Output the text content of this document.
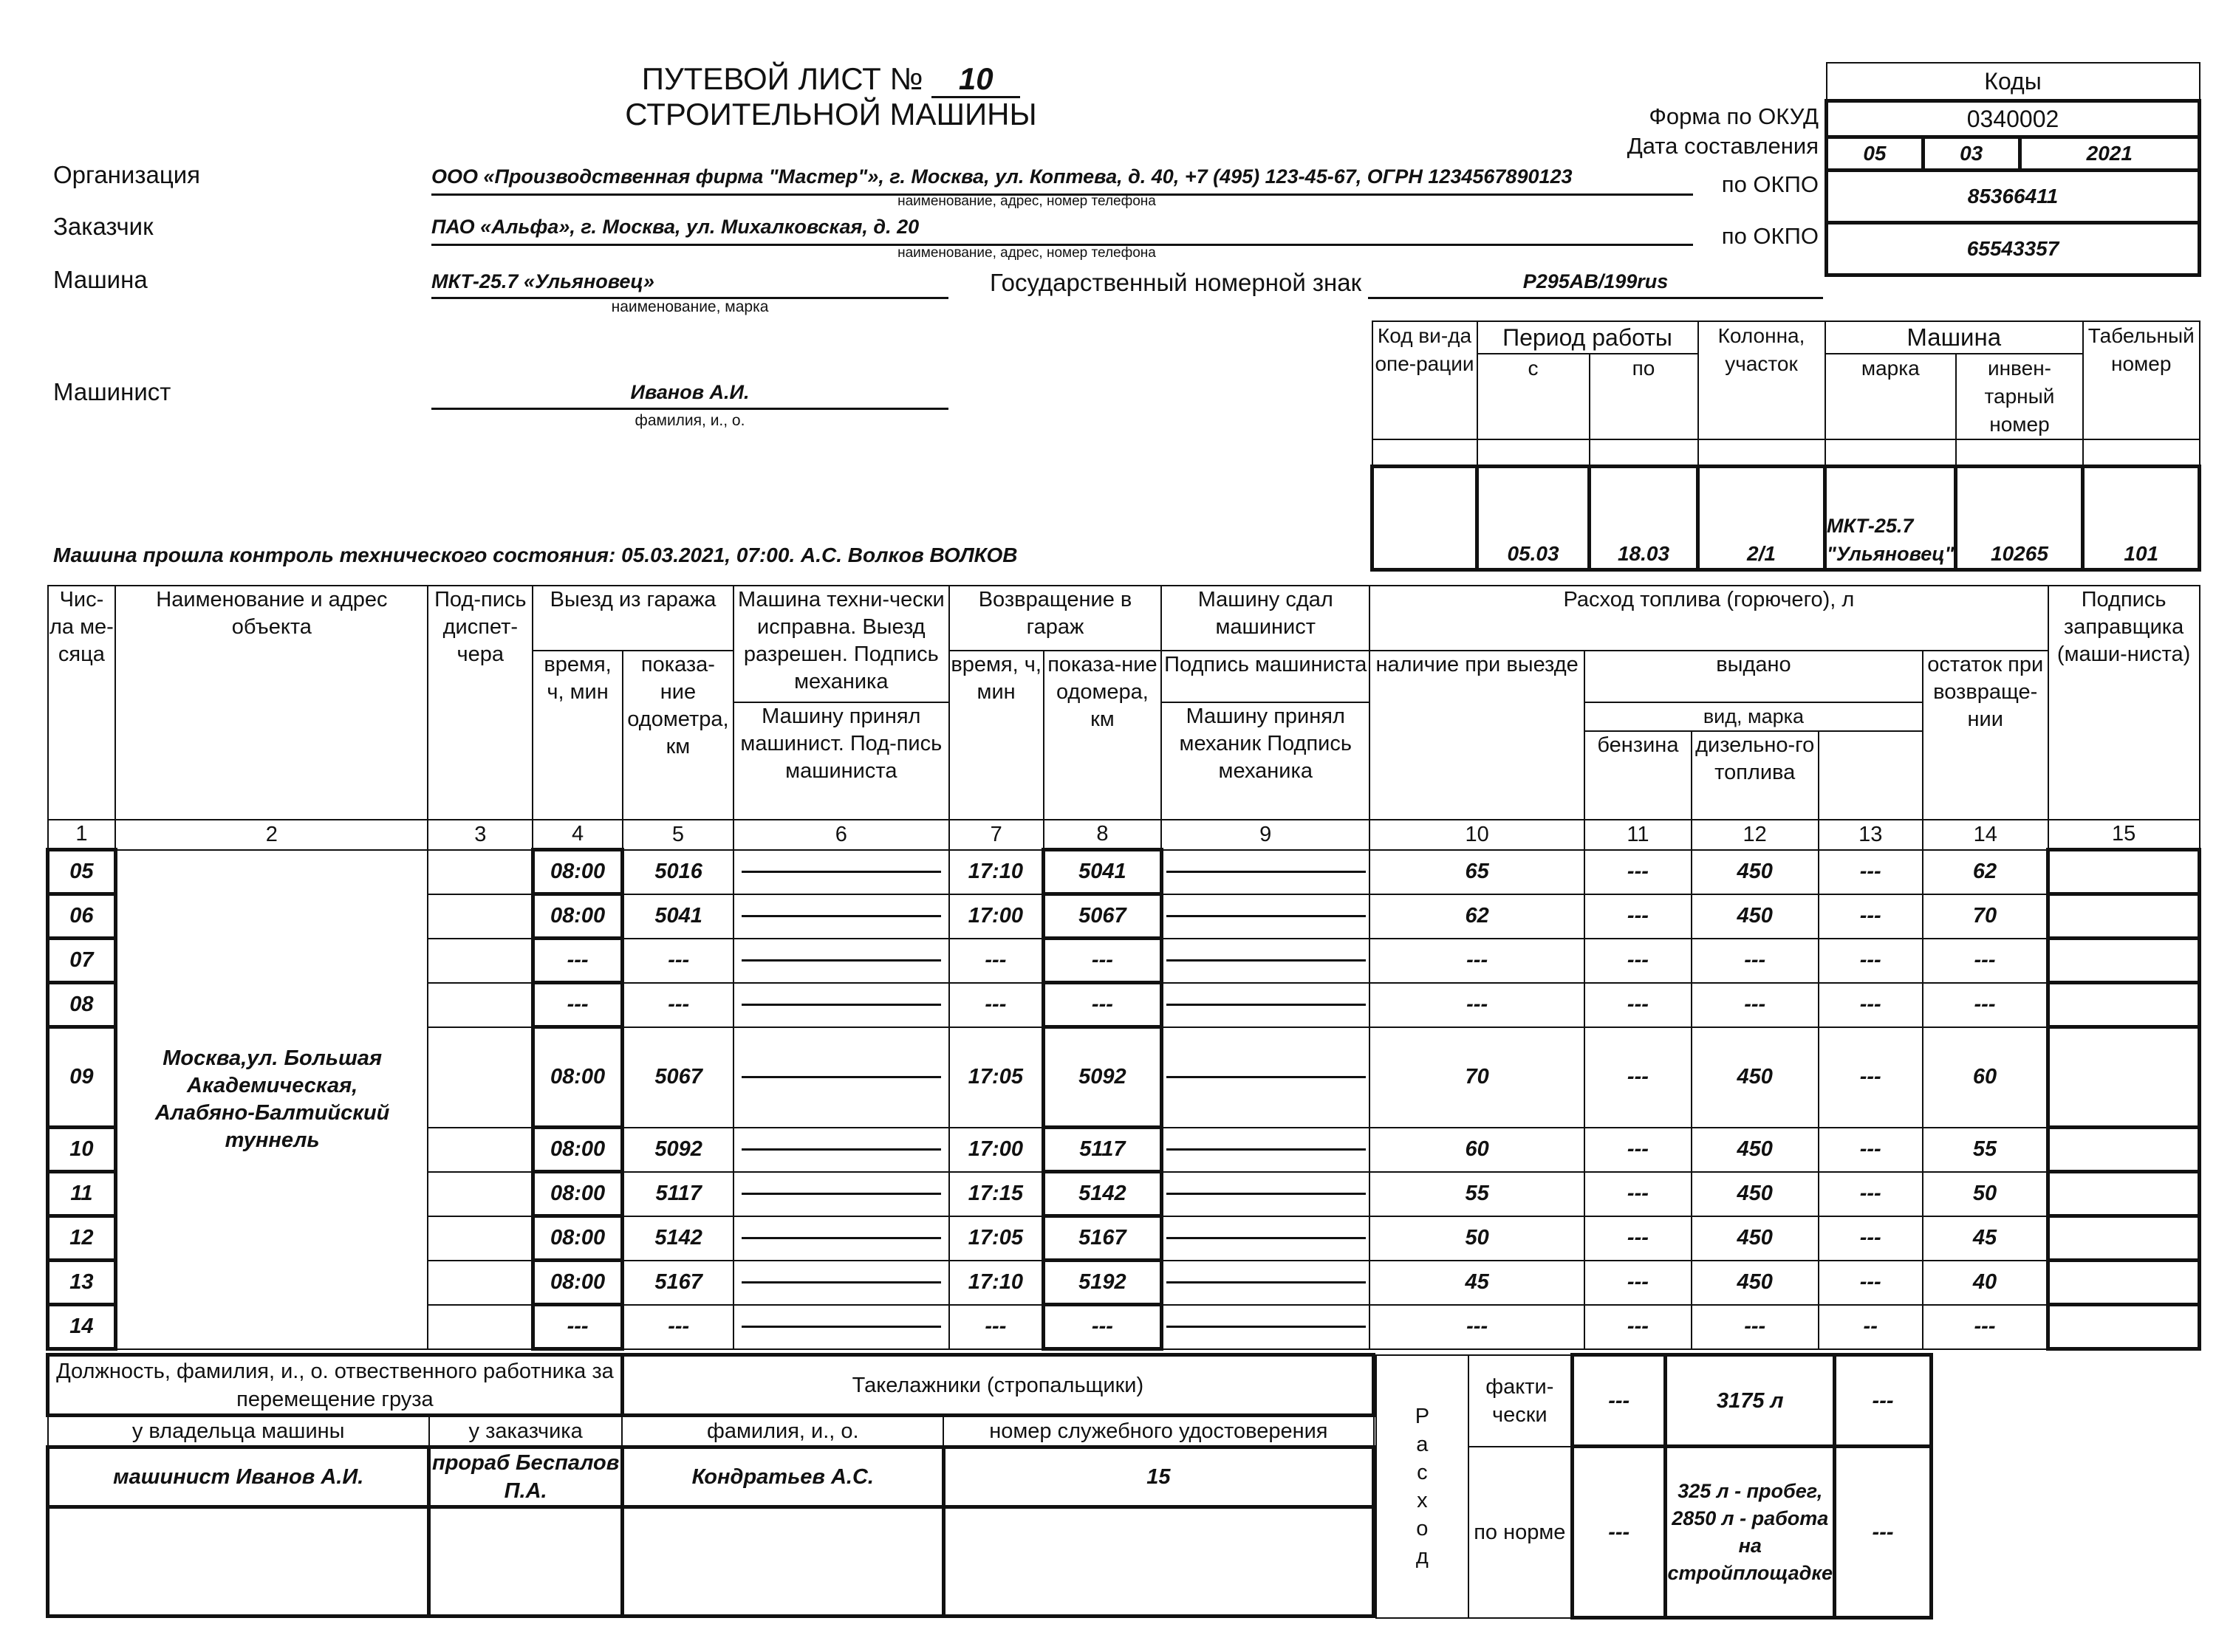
ПУТЕВОЙ ЛИСТ № 10
СТРОИТЕЛЬНОЙ МАШИНЫ
Коды
0340002
05	03	2021
85366411
65543357
Форма по ОКУД
Дата составления
по ОКПО
по ОКПО
Организация	ООО «Производственная фирма "Мастер"», г. Москва, ул. Коптева, д. 40, +7 (495) 123-45-67, ОГРН 1234567890123
наименование, адрес, номер телефона
Заказчик	ПАО «Альфа», г. Москва, ул. Михалковская, д. 20
наименование, адрес, номер телефона
Машина	МКТ-25.7 «Ульяновец»
наименование, марка
Государственный номерной знак	Р295АВ/199rus
Машинист	Иванов А.И.
фамилия, и., о.
Машина прошла контроль технического состояния: 05.03.2021, 07:00. А.С. Волков ВОЛКОВ
Код ви-да опе-рации	Период работы		Колонна, участок	Машина		Табельный номер
	с	по		марка	инвен-тарный номер	

	05.03	18.03	2/1	МКТ-25.7 "Ульяновец"	10265	101
Чис-ла ме-сяца	Наименование и адрес объекта	Под-пись диспет-чера	Выезд из гаража		Машина техни-чески исправна. Выезд разрешен. Подпись механика	Возвращение в гараж		Машину сдал машинист	Расход топлива (горючего), л					Подпись заправщика (маши-ниста)
			время, ч, мин	показа-ние одометра, км		время, ч, мин	показа-ние одомера, км	Подпись машиниста	наличие при выезде	выдано			остаток при возвраще-нии	
					Машину принял машинист. Под-пись машиниста			Машину принял механик Подпись механика		вид, марка				
										бензина	дизельно-го топлива			
1	2	3	4	5	6	7	8	9	10	11	12	13	14	15
05	Москва,ул. Большая Академическая, Алабяно-Балтийский туннель		08:00	5016		17:10	5041		65	---	450	---	62	
06			08:00	5041		17:00	5067		62	---	450	---	70	
07			---	---		---	---		---	---	---	---	---	
08			---	---		---	---		---	---	---	---	---	
09			08:00	5067		17:05	5092		70	---	450	---	60	
10			08:00	5092		17:00	5117		60	---	450	---	55	
11			08:00	5117		17:15	5142		55	---	450	---	50	
12			08:00	5142		17:05	5167		50	---	450	---	45	
13			08:00	5167		17:10	5192		45	---	450	---	40	
14			---	---		---	---		---	---	---	--	---	
Должность, фамилия, и., о. отвественного работника за перемещение груза		Такелажники (стропальщики)	
у владельца машины	у заказчика	фамилия, и., о.	номер служебного удостоверения
машинист Иванов А.И.	прораб Беспалов П.А.	Кондратьев А.С.	15

Р а с х о д	факти-чески	---	3175 л	---
	по норме	---	325 л - пробег, 2850 л - работа на стройплощадке	---
